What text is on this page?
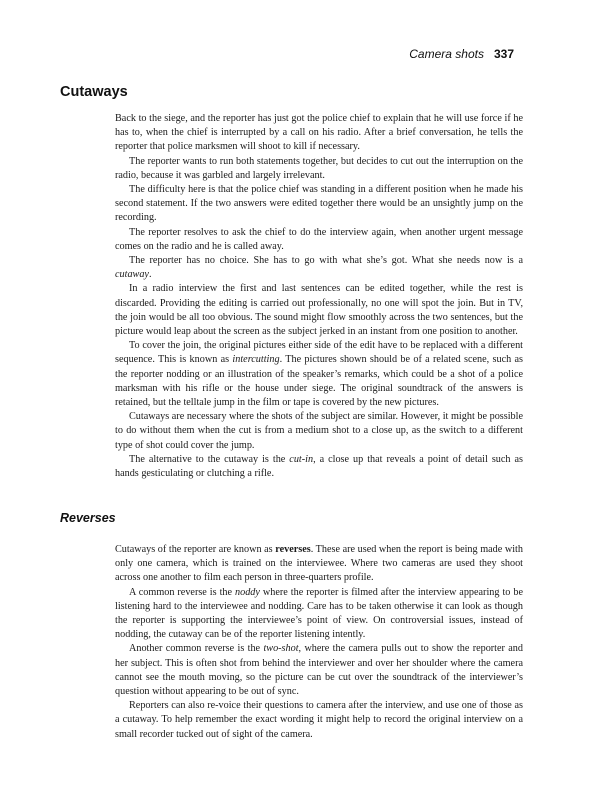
Camera shots 337
Cutaways

Back to the siege, and the reporter has just got the police chief to explain that he will use force if he has to, when the chief is interrupted by a call on his radio. After a brief conversation, he tells the reporter that police marksmen will shoot to kill if necessary.

The reporter wants to run both statements together, but decides to cut out the interruption on the radio, because it was garbled and largely irrelevant.

The difficulty here is that the police chief was standing in a different position when he made his second statement. If the two answers were edited together there would be an unsightly jump on the recording.

The reporter resolves to ask the chief to do the interview again, when another urgent message comes on the radio and he is called away.

The reporter has no choice. She has to go with what she’s got. What she needs now is a cutaway.

In a radio interview the first and last sentences can be edited together, while the rest is discarded. Providing the editing is carried out professionally, no one will spot the join. But in TV, the join would be all too obvious. The sound might flow smoothly across the two sentences, but the picture would leap about the screen as the subject jerked in an instant from one position to another.

To cover the join, the original pictures either side of the edit have to be replaced with a different sequence. This is known as intercutting. The pictures shown should be of a related scene, such as the reporter nodding or an illustration of the speaker’s remarks, which could be a shot of a police marksman with his rifle or the house under siege. The original soundtrack of the answers is retained, but the telltale jump in the film or tape is covered by the new pictures.

Cutaways are necessary where the shots of the subject are similar. However, it might be possible to do without them when the cut is from a medium shot to a close up, as the switch to a different type of shot could cover the jump.

The alternative to the cutaway is the cut-in, a close up that reveals a point of detail such as hands gesticulating or clutching a rifle.

Reverses

Cutaways of the reporter are known as reverses. These are used when the report is being made with only one camera, which is trained on the interviewee. Where two cameras are used they shoot across one another to film each person in three-quarters profile.

A common reverse is the noddy where the reporter is filmed after the interview appearing to be listening hard to the interviewee and nodding. Care has to be taken otherwise it can look as though the reporter is supporting the interviewee’s point of view. On controversial issues, instead of nodding, the cutaway can be of the reporter listening intently.

Another common reverse is the two-shot, where the camera pulls out to show the reporter and her subject. This is often shot from behind the interviewer and over her shoulder where the camera cannot see the mouth moving, so the picture can be cut over the soundtrack of the interviewer’s question without appearing to be out of sync.

Reporters can also re-voice their questions to camera after the interview, and use one of those as a cutaway. To help remember the exact wording it might help to record the original interview on a small recorder tucked out of sight of the camera.
